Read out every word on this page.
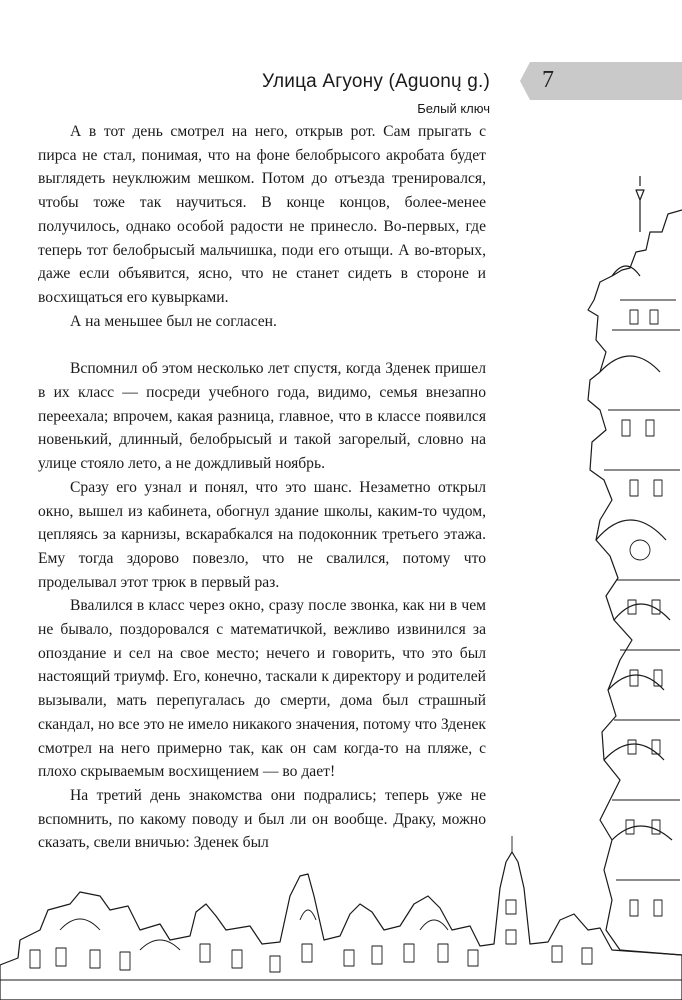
7
Улица Агуону (Aguonų g.)
Белый ключ

А в тот день смотрел на него, открыв рот. Сам прыгать с пирса не стал, понимая, что на фоне белобрысого акробата будет выглядеть неуклюжим мешком. Потом до отъезда тренировался, чтобы тоже так научиться. В конце концов, более-менее получилось, однако особой радости не принесло. Во-первых, где теперь тот белобрысый мальчишка, поди его отыщи. А во-вторых, даже если объявится, ясно, что не станет сидеть в сторонe и восхищаться его кувырками.

А на меньшее был не согласен.

Вспомнил об этом несколько лет спустя, когда Зденек пришел в их класс — посреди учебного года, видимо, семья внезапно переехала; впрочем, какая разница, главное, что в классе появился новенький, длинный, белобрысый и такой загорелый, словно на улице стояло лето, а не дождливый ноябрь.

Сразу его узнал и понял, что это шанс. Незаметно открыл окно, вышел из кабинета, обогнул здание школы, каким-то чудом, цепляясь за карнизы, вскарабкался на подоконник третьего этажа. Ему тогда здорово повезло, что не свалился, потому что проделывал этот трюк в первый раз.

Ввалился в класс через окно, сразу после звонка, как ни в чем не бывало, поздоровался с математичкой, вежливо извинился за опоздание и сел на свое место; нечего и говорить, что это был настоящий триумф. Его, конечно, таскали к директору и родителей вызывали, мать перепугалась до смерти, дома был страшный скандал, но все это не имело никакого значения, потому что Зденек смотрел на него примерно так, как он сам когда-то на пляже, с плохо скрываемым восхищением — во дает!

На третий день знакомства они подрались; теперь уже не вспомнить, по какому поводу и был ли он вообще. Драку, можно сказать, свели вничью: Зденек был
